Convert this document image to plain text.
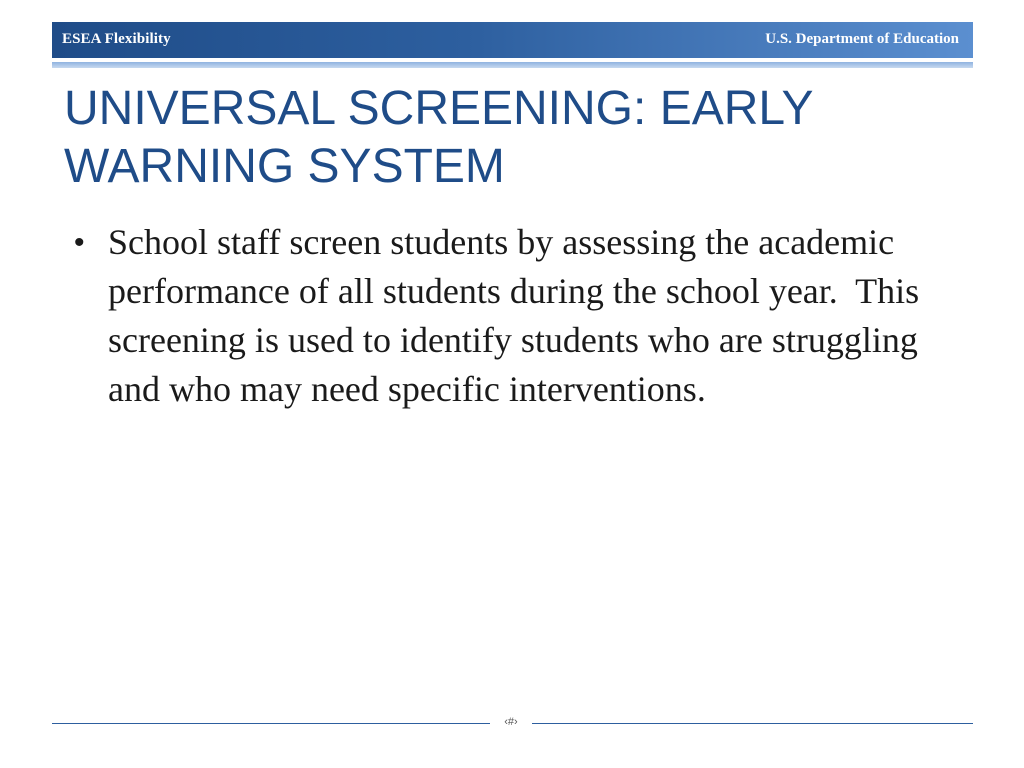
ESEA Flexibility	U.S. Department of Education
UNIVERSAL SCREENING: EARLY WARNING SYSTEM
• School staff screen students by assessing the academic performance of all students during the school year.  This screening is used to identify students who are struggling and who may need specific interventions.
‹#›
